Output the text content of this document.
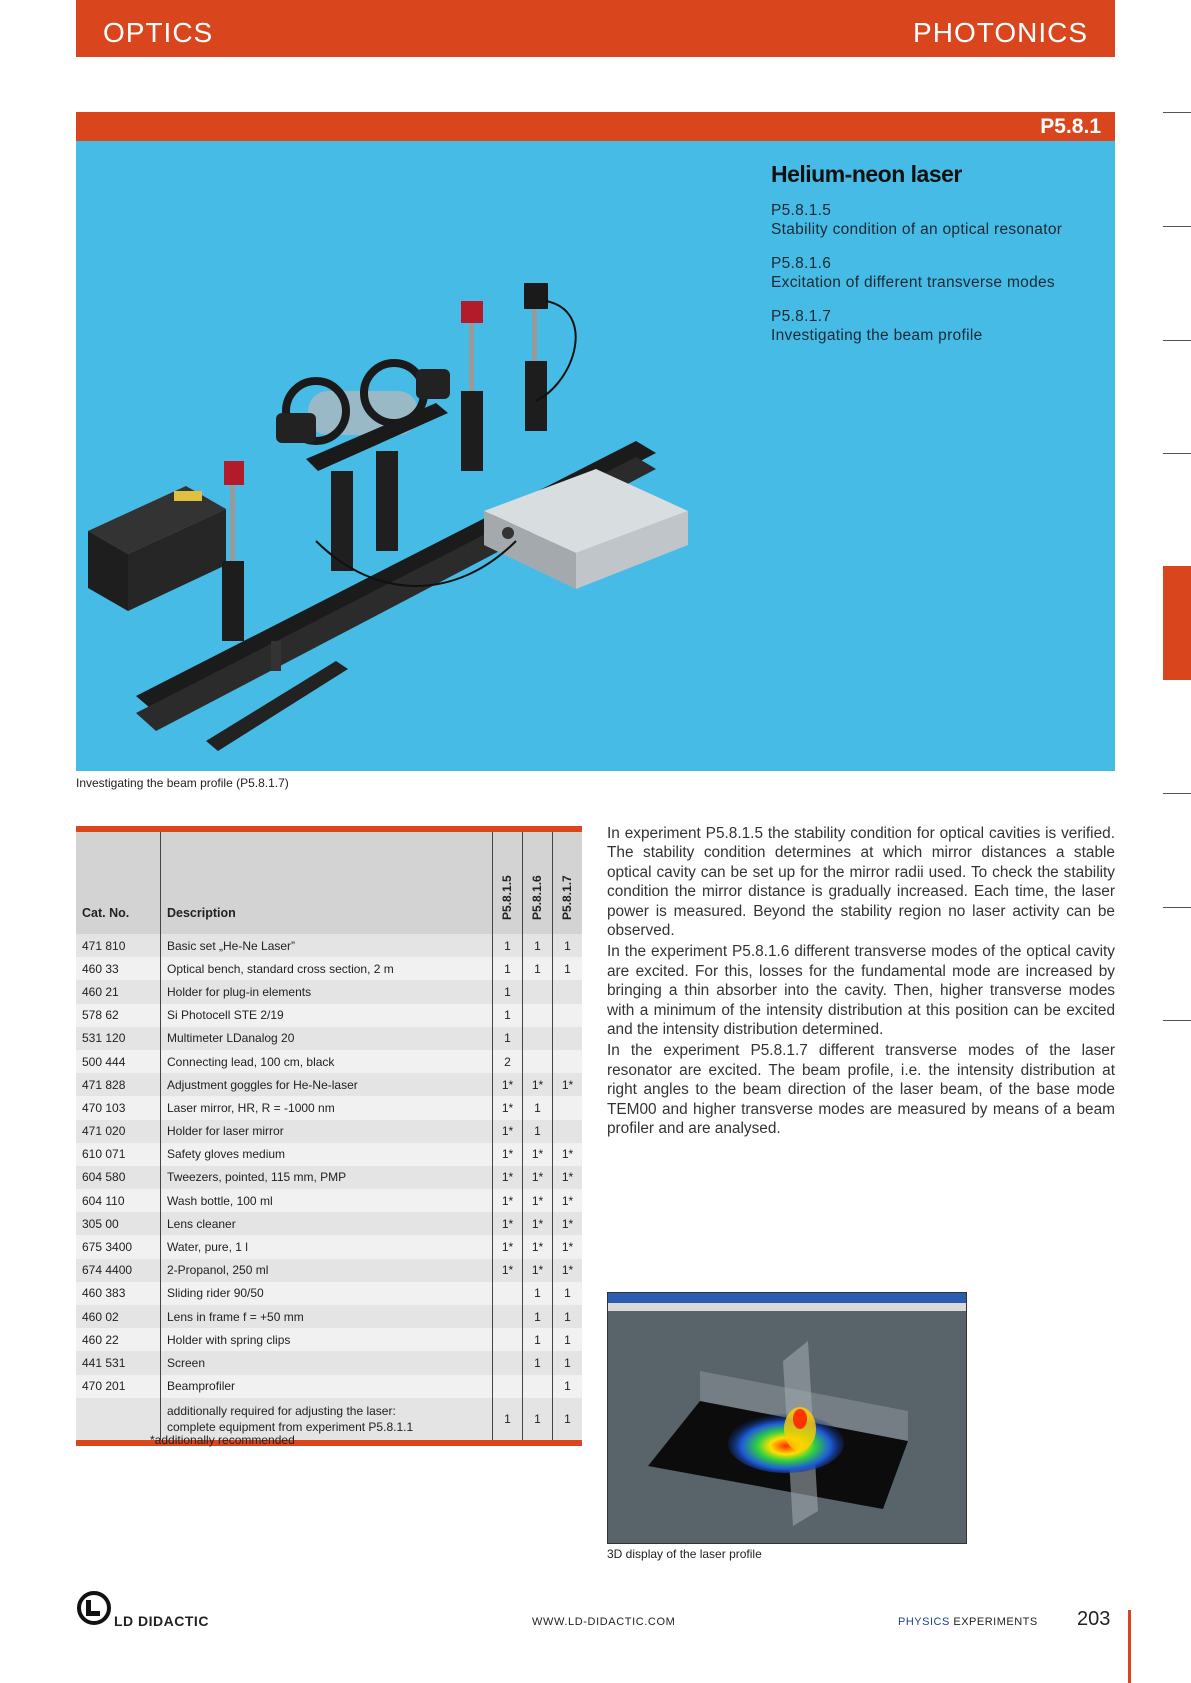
OPTICS	PHOTONICS
P5.8.1
Helium-neon laser
P5.8.1.5
Stability condition of an optical resonator
P5.8.1.6
Excitation of different transverse modes
P5.8.1.7
Investigating the beam profile
Investigating the beam profile (P5.8.1.7)
Cat. No.	Description	P5.8.1.5	P5.8.1.6	P5.8.1.7

471 810	Basic set „He-Ne Laser”	1	1	1
460 33	Optical bench, standard cross section, 2 m	1	1	1
460 21	Holder for plug-in elements	1		
578 62	Si Photocell STE 2/19	1		
531 120	Multimeter LDanalog 20	1		
500 444	Connecting lead, 100 cm, black	2		
471 828	Adjustment goggles for He-Ne-laser	1*	1*	1*
470 103	Laser mirror, HR, R = -1000 nm	1*	1	
471 020	Holder for laser mirror	1*	1	
610 071	Safety gloves medium	1*	1*	1*
604 580	Tweezers, pointed, 115 mm, PMP	1*	1*	1*
604 110	Wash bottle, 100 ml	1*	1*	1*
305 00	Lens cleaner	1*	1*	1*
675 3400	Water, pure, 1 l	1*	1*	1*
674 4400	2-Propanol, 250 ml	1*	1*	1*
460 383	Sliding rider 90/50		1	1
460 02	Lens in frame f = +50 mm		1	1
460 22	Holder with spring clips		1	1
441 531	Screen		1	1
470 201	Beamprofiler			1

	additionally required for adjusting the laser:
complete equipment from experiment P5.8.1.1	1	1	1
*additionally recommended

In experiment P5.8.1.5 the stability condition for optical cavities is verified. The stability condition determines at which mirror distances a stable optical cavity can be set up for the mirror radii used. To check the stability condition the mirror distance is gradually increased. Each time, the laser power is measured. Beyond the stability region no laser activity can be observed.

In the experiment P5.8.1.6 different transverse modes of the optical cavity are excited. For this, losses for the fundamental mode are increased by bringing a thin absorber into the cavity. Then, higher transverse modes with a minimum of the intensity distribution at this position can be excited and the intensity distribution determined.

In the experiment P5.8.1.7 different transverse modes of the laser resonator are excited. The beam profile, i.e. the intensity distribution at right angles to the beam direction of the laser beam, of the base mode TEM00 and higher transverse modes are measured by means of a beam profiler and are analysed.

3D display of the laser profile
LD DIDACTIC	WWW.LD-DIDACTIC.COM	PHYSICS EXPERIMENTS 203
